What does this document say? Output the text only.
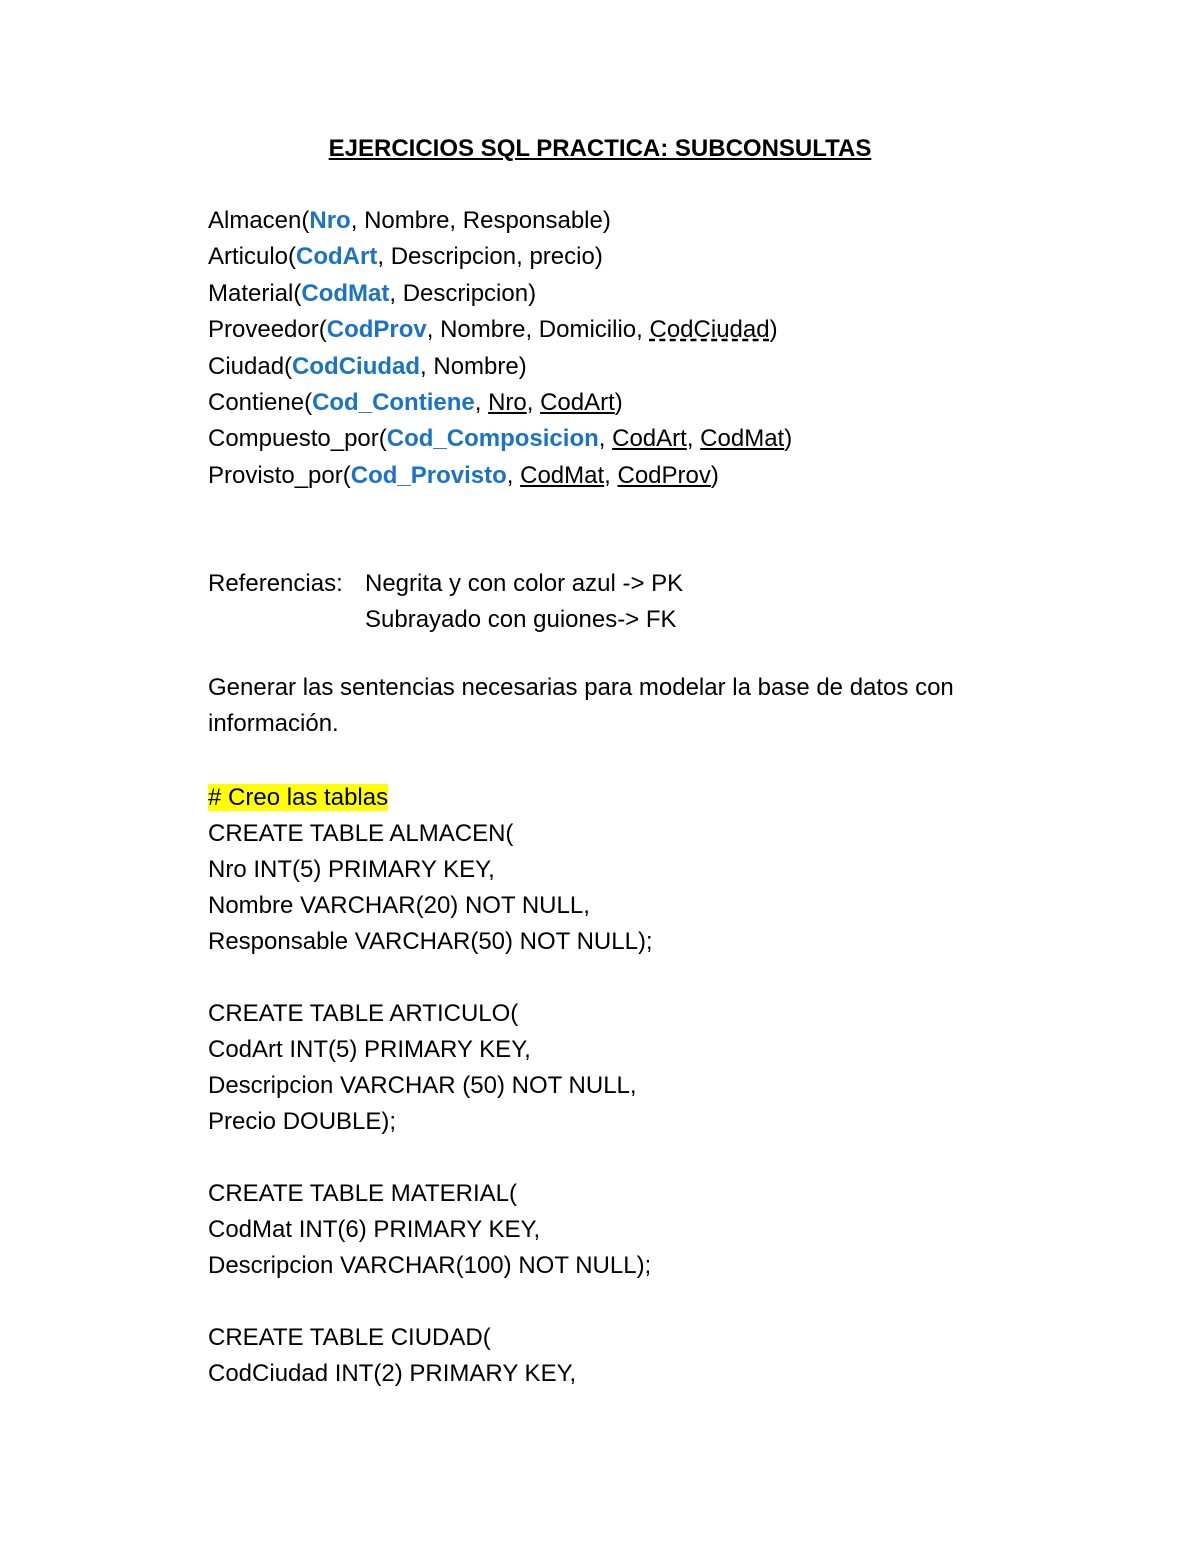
EJERCICIOS SQL PRACTICA: SUBCONSULTAS
Almacen(Nro, Nombre, Responsable)
Articulo(CodArt, Descripcion, precio)
Material(CodMat, Descripcion)
Proveedor(CodProv, Nombre, Domicilio, CodCiudad)
Ciudad(CodCiudad, Nombre)
Contiene(Cod_Contiene, Nro, CodArt)
Compuesto_por(Cod_Composicion, CodArt, CodMat)
Provisto_por(Cod_Provisto, CodMat, CodProv)
Referencias: Negrita y con color azul -> PK
Subrayado con guiones-> FK
Generar las sentencias necesarias para modelar la base de datos con información.
# Creo las tablas
CREATE TABLE ALMACEN(
Nro INT(5) PRIMARY KEY,
Nombre VARCHAR(20) NOT NULL,
Responsable VARCHAR(50) NOT NULL);
CREATE TABLE ARTICULO(
CodArt INT(5) PRIMARY KEY,
Descripcion VARCHAR (50) NOT NULL,
Precio DOUBLE);
CREATE TABLE MATERIAL(
CodMat INT(6) PRIMARY KEY,
Descripcion VARCHAR(100) NOT NULL);
CREATE TABLE CIUDAD(
CodCiudad INT(2) PRIMARY KEY,
